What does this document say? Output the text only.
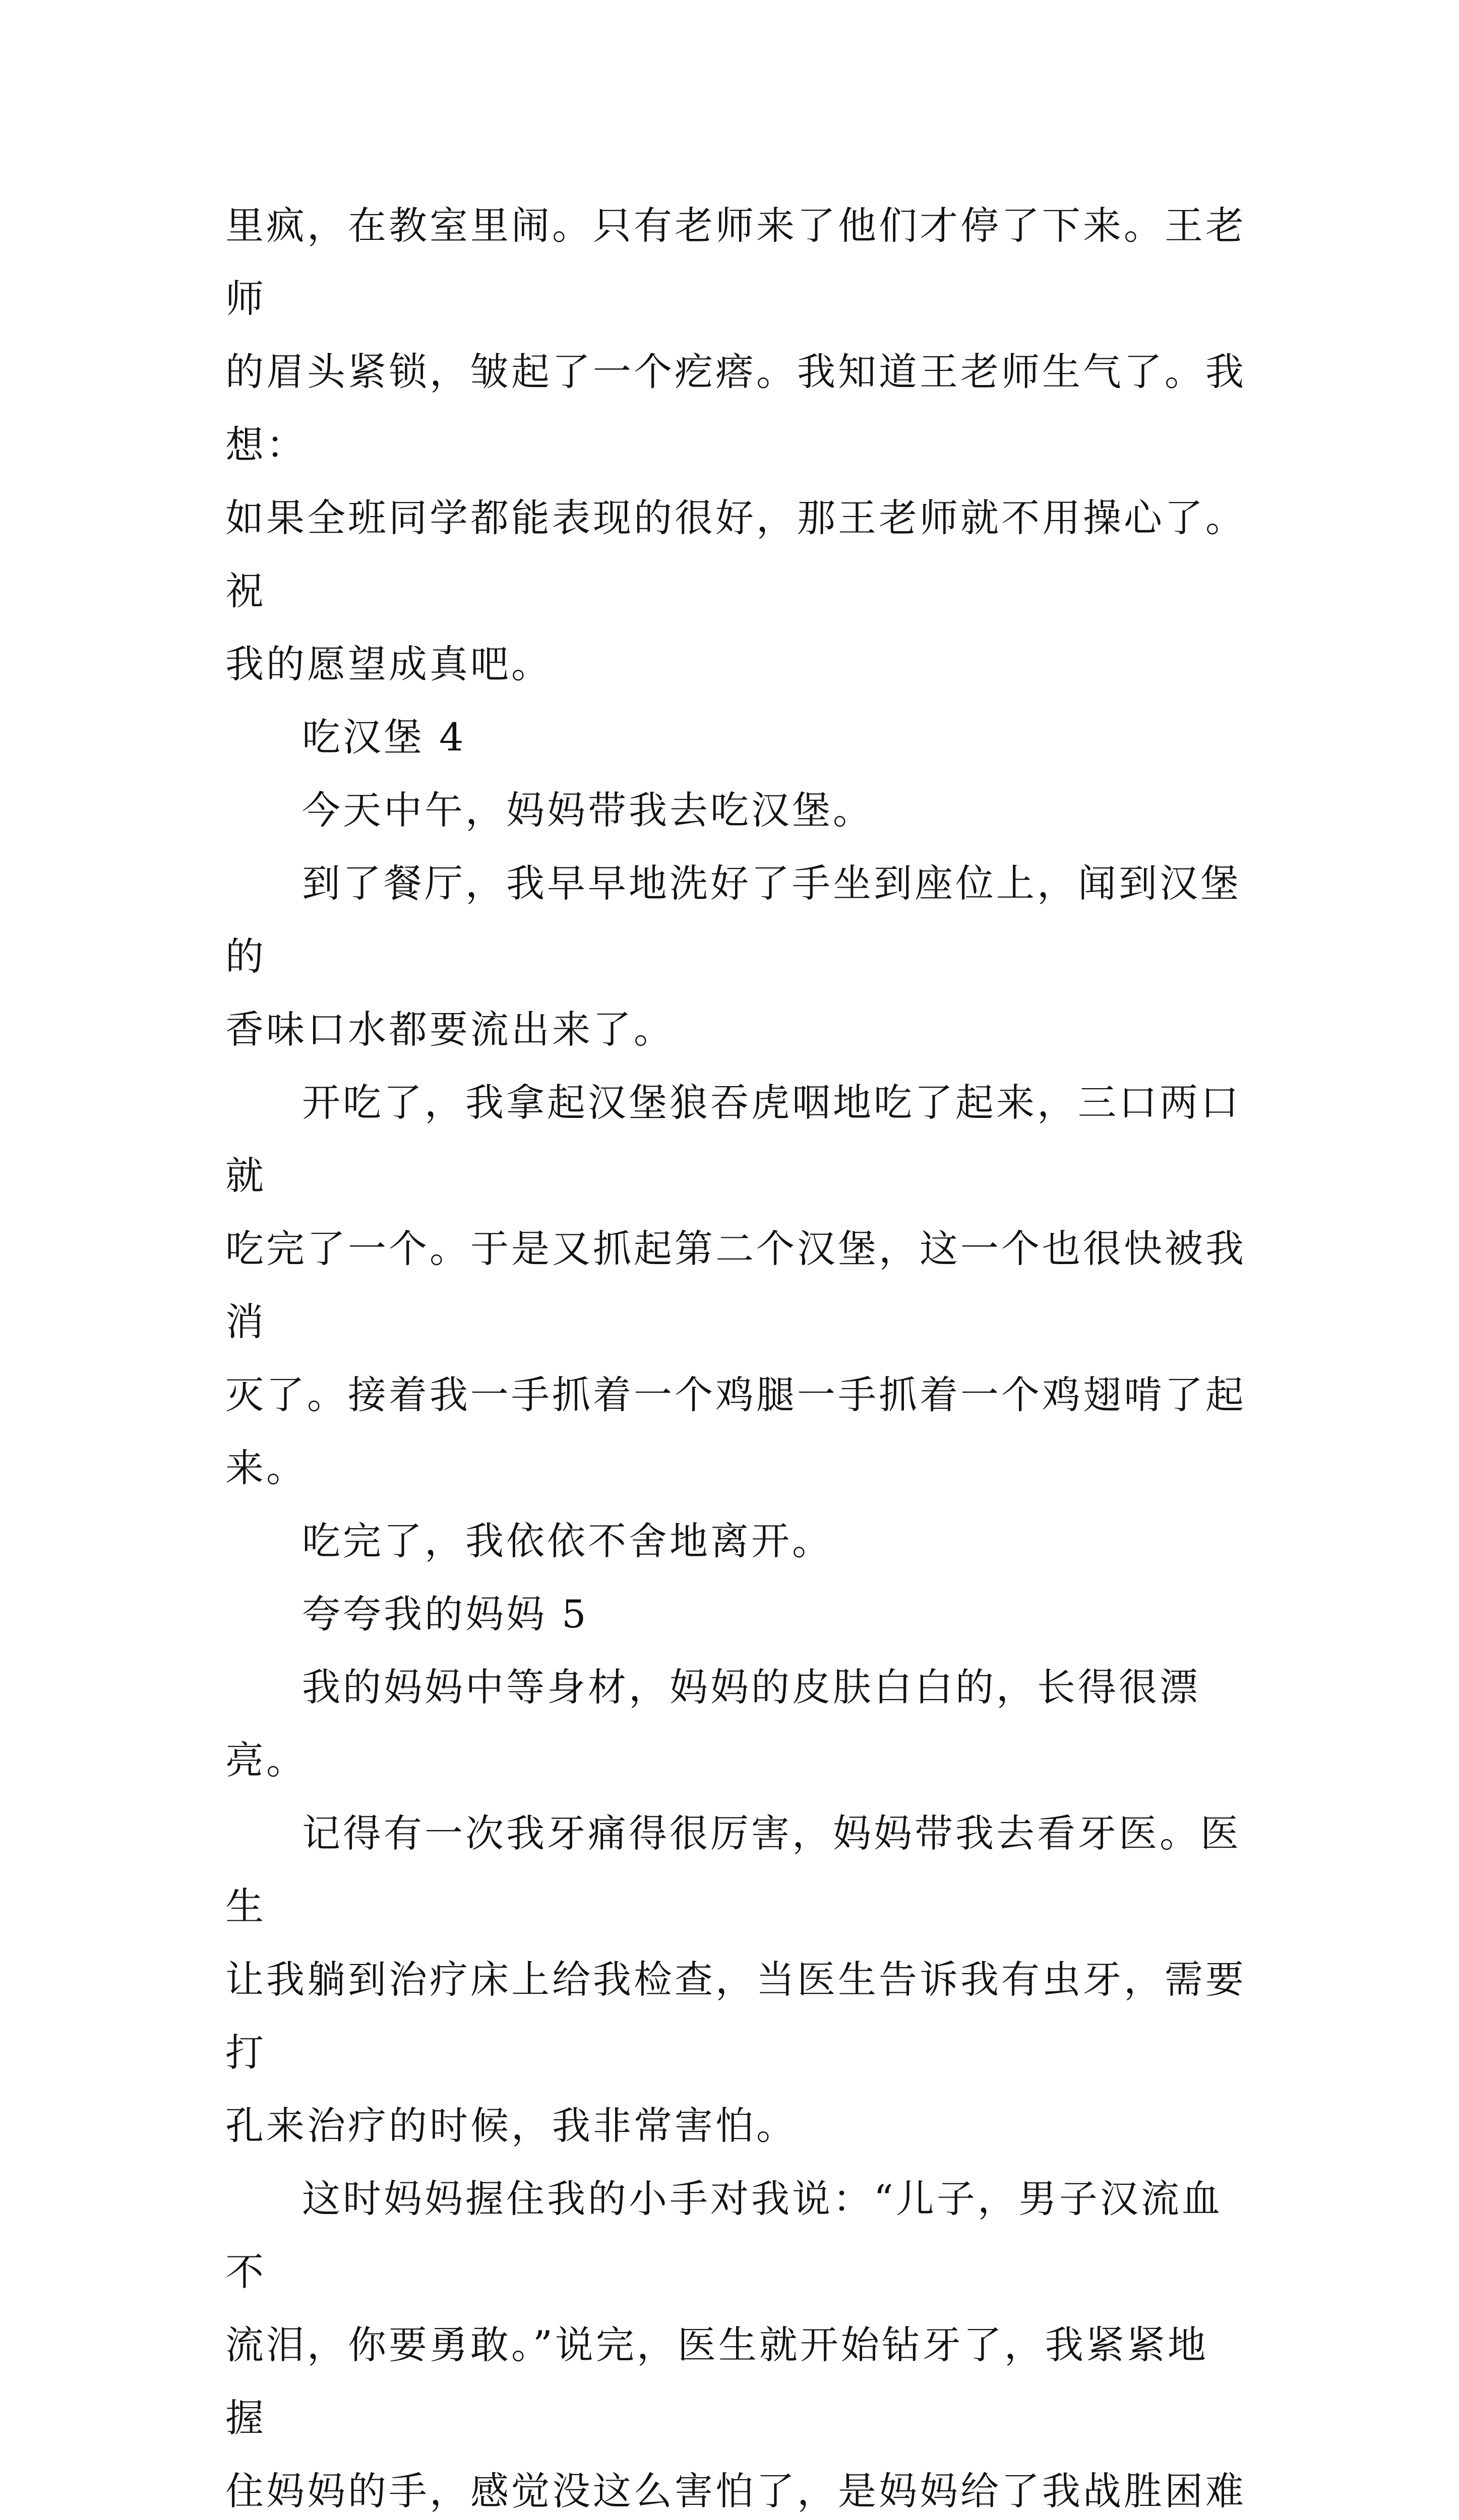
里疯，在教室里闹。只有老师来了他们才停了下来。王老师
的眉头紧锁，皱起了一个疙瘩。我知道王老师生气了。我想：
如果全班同学都能表现的很好，那王老师就不用操心了。祝
我的愿望成真吧。
吃汉堡 4
今天中午，妈妈带我去吃汉堡。
到了餐厅，我早早地洗好了手坐到座位上，闻到汉堡的
香味口水都要流出来了。
开吃了，我拿起汉堡狼吞虎咽地吃了起来，三口两口就
吃完了一个。于是又抓起第二个汉堡，这一个也很快被我消
灭了。接着我一手抓着一个鸡腿一手抓着一个鸡翅啃了起来。
吃完了，我依依不舍地离开。
夸夸我的妈妈 5
我的妈妈中等身材，妈妈的皮肤白白的，长得很漂亮。
记得有一次我牙痛得很厉害，妈妈带我去看牙医。医生
让我躺到治疗床上给我检查，当医生告诉我有虫牙，需要打
孔来治疗的时候，我非常害怕。
这时妈妈握住我的小手对我说：“儿子，男子汉流血不
流泪，你要勇敢。”说完，医生就开始钻牙了，我紧紧地握
住妈妈的手，感觉没这么害怕了，是妈妈给了我战胜困难
